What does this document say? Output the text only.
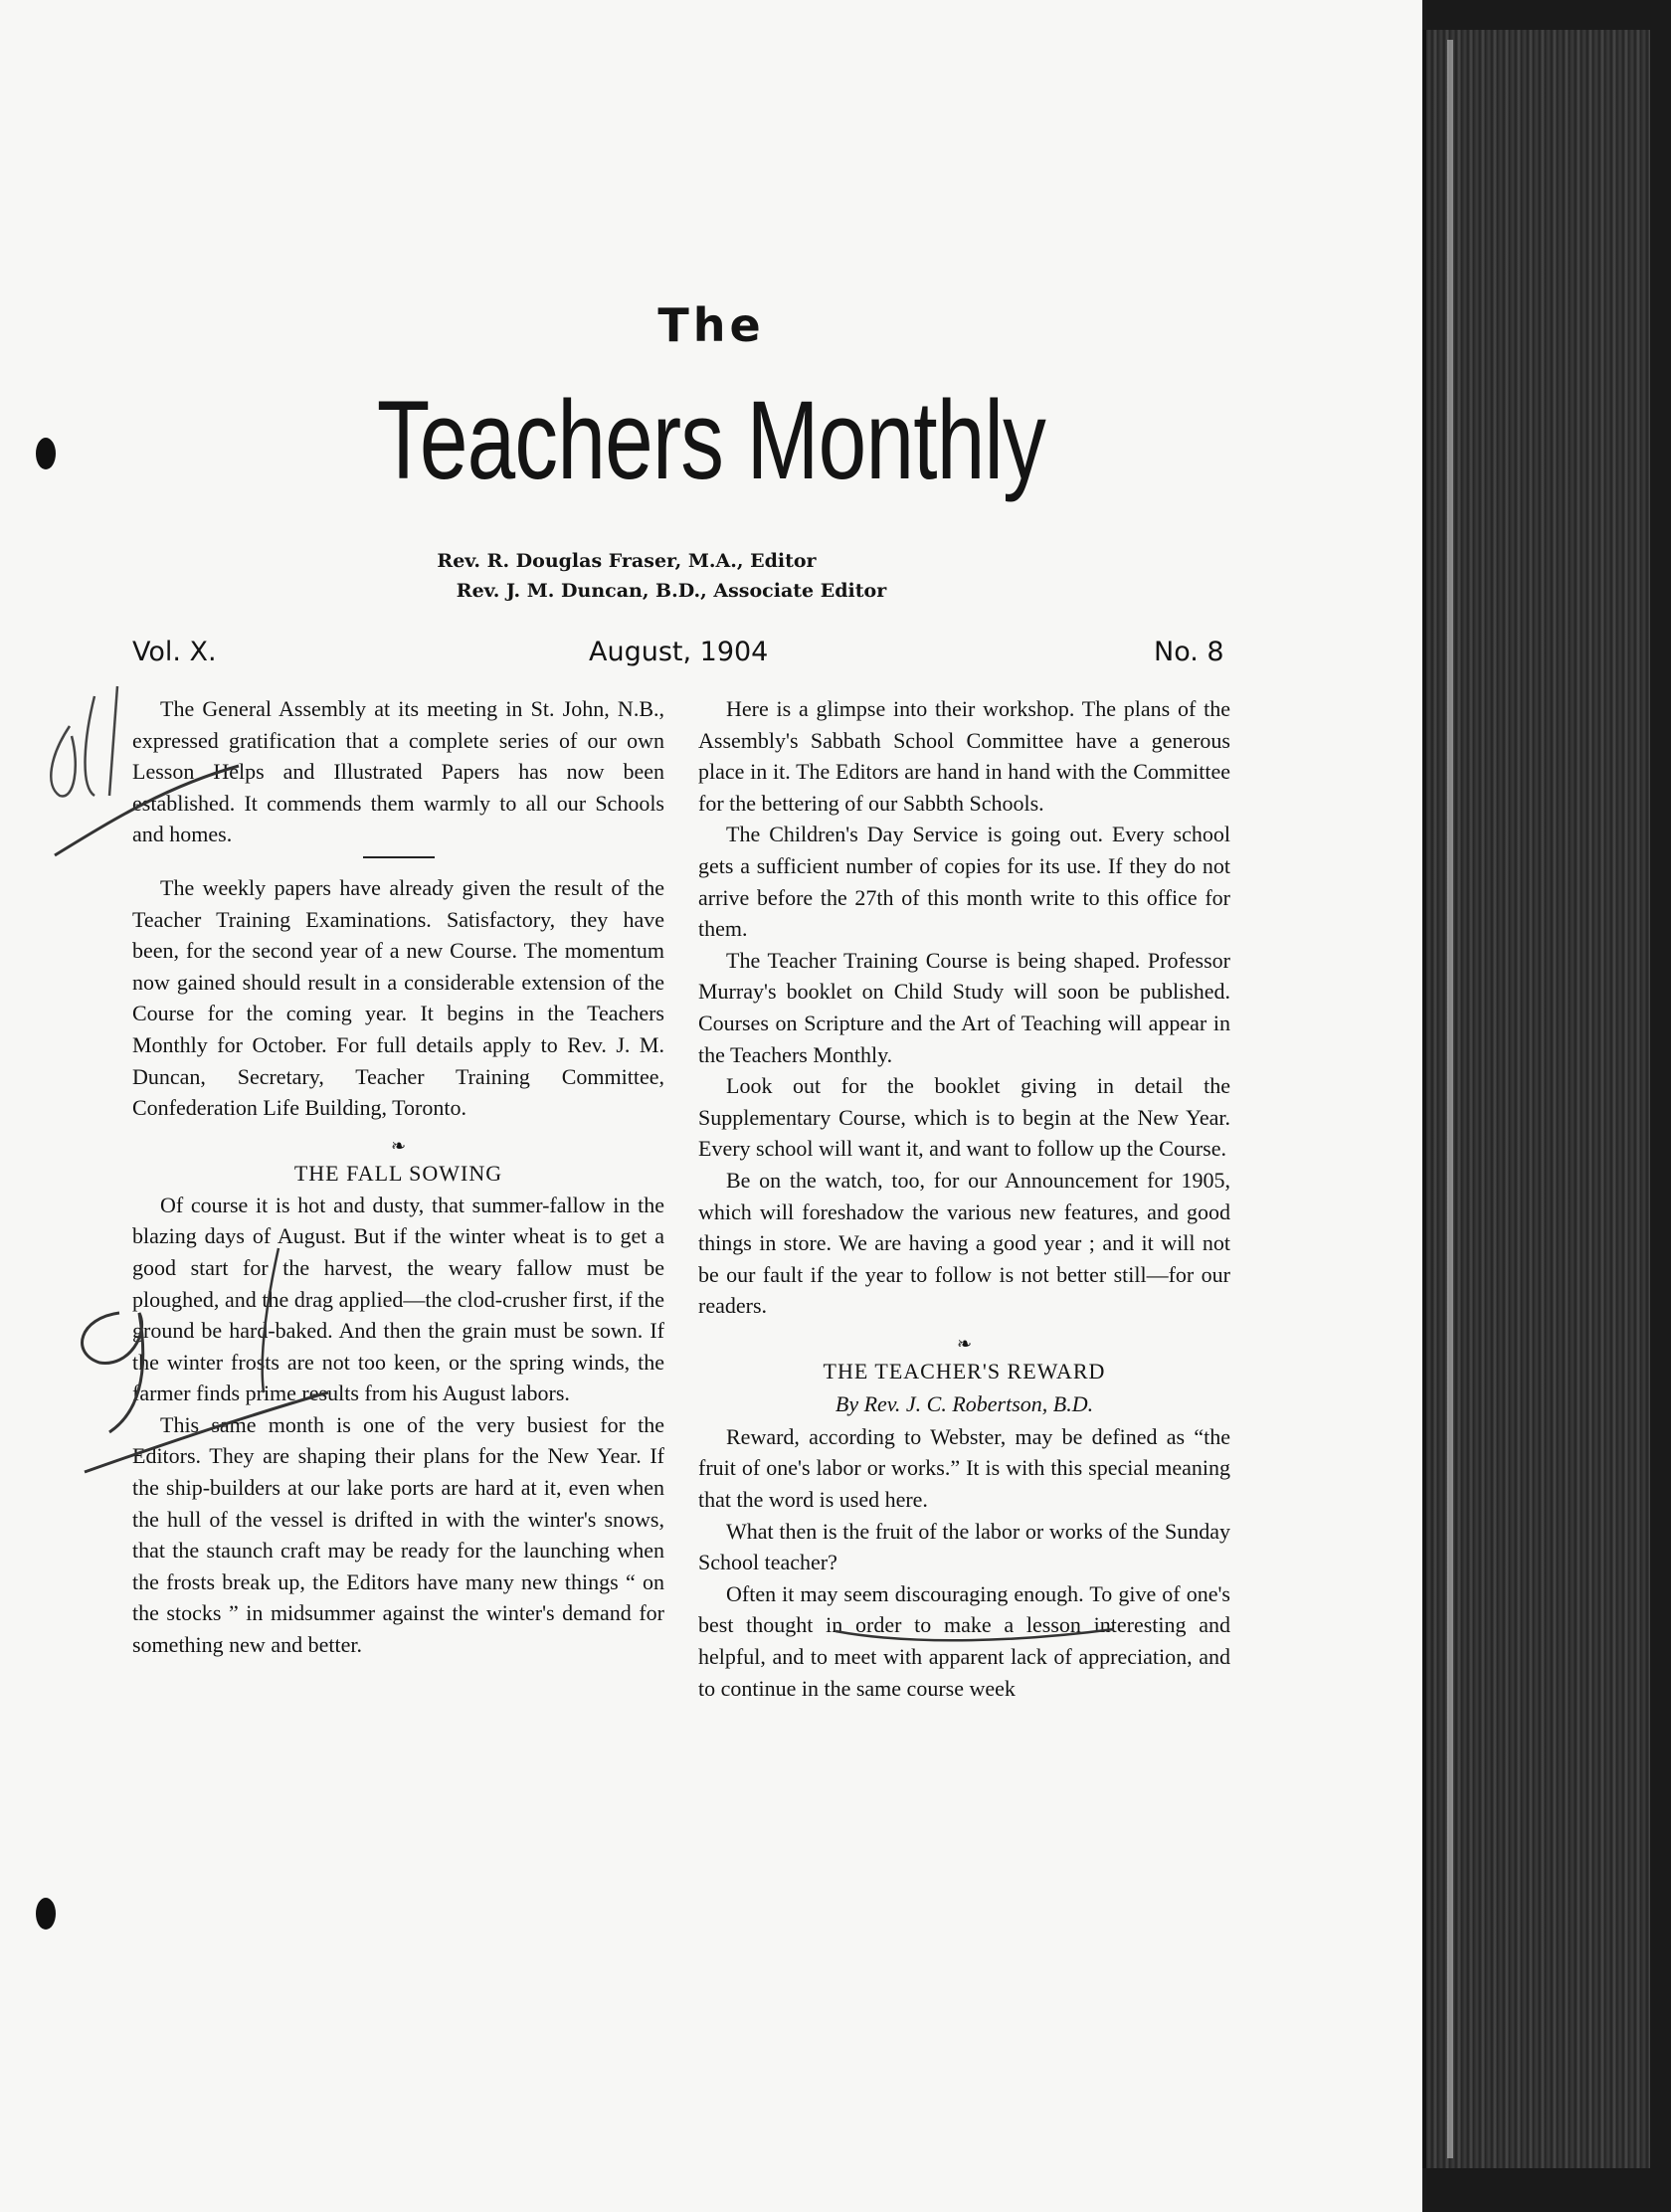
The
Teachers Monthly
Rev. R. Douglas Fraser, M.A., Editor
Rev. J. M. Duncan, B.D., Associate Editor
Vol. X.	August, 1904	No. 8

The General Assembly at its meeting in St. John, N.B., expressed gratification that a complete series of our own Lesson Helps and Illustrated Papers has now been established. It commends them warmly to all our Schools and homes.

The weekly papers have already given the result of the Teacher Training Examinations. Satisfactory, they have been, for the second year of a new Course. The momentum now gained should result in a considerable extension of the Course for the coming year. It begins in the Teachers Monthly for October. For full details apply to Rev. J. M. Duncan, Secretary, Teacher Training Committee, Confederation Life Building, Toronto.

❧
THE FALL SOWING

Of course it is hot and dusty, that summer-fallow in the blazing days of August. But if the winter wheat is to get a good start for the harvest, the weary fallow must be ploughed, and the drag applied—the clod-crusher first, if the ground be hard-baked. And then the grain must be sown. If the winter frosts are not too keen, or the spring winds, the farmer finds prime results from his August labors.

This same month is one of the very busiest for the Editors. They are shaping their plans for the New Year. If the ship-builders at our lake ports are hard at it, even when the hull of the vessel is drifted in with the winter's snows, that the staunch craft may be ready for the launching when the frosts break up, the Editors have many new things “ on the stocks ” in midsummer against the winter's demand for something new and better.

Here is a glimpse into their workshop. The plans of the Assembly's Sabbath School Committee have a generous place in it. The Editors are hand in hand with the Committee for the bettering of our Sabbth Schools.

The Children's Day Service is going out. Every school gets a sufficient number of copies for its use. If they do not arrive before the 27th of this month write to this office for them.

The Teacher Training Course is being shaped. Professor Murray's booklet on Child Study will soon be published. Courses on Scripture and the Art of Teaching will appear in the Teachers Monthly.

Look out for the booklet giving in detail the Supplementary Course, which is to begin at the New Year. Every school will want it, and want to follow up the Course.

Be on the watch, too, for our Announcement for 1905, which will foreshadow the various new features, and good things in store. We are having a good year ; and it will not be our fault if the year to follow is not better still—for our readers.

❧
THE TEACHER'S REWARD
By Rev. J. C. Robertson, B.D.

Reward, according to Webster, may be defined as “the fruit of one's labor or works.” It is with this special meaning that the word is used here.

What then is the fruit of the labor or works of the Sunday School teacher?

Often it may seem discouraging enough. To give of one's best thought in order to make a lesson interesting and helpful, and to meet with apparent lack of appreciation, and to continue in the same course week
